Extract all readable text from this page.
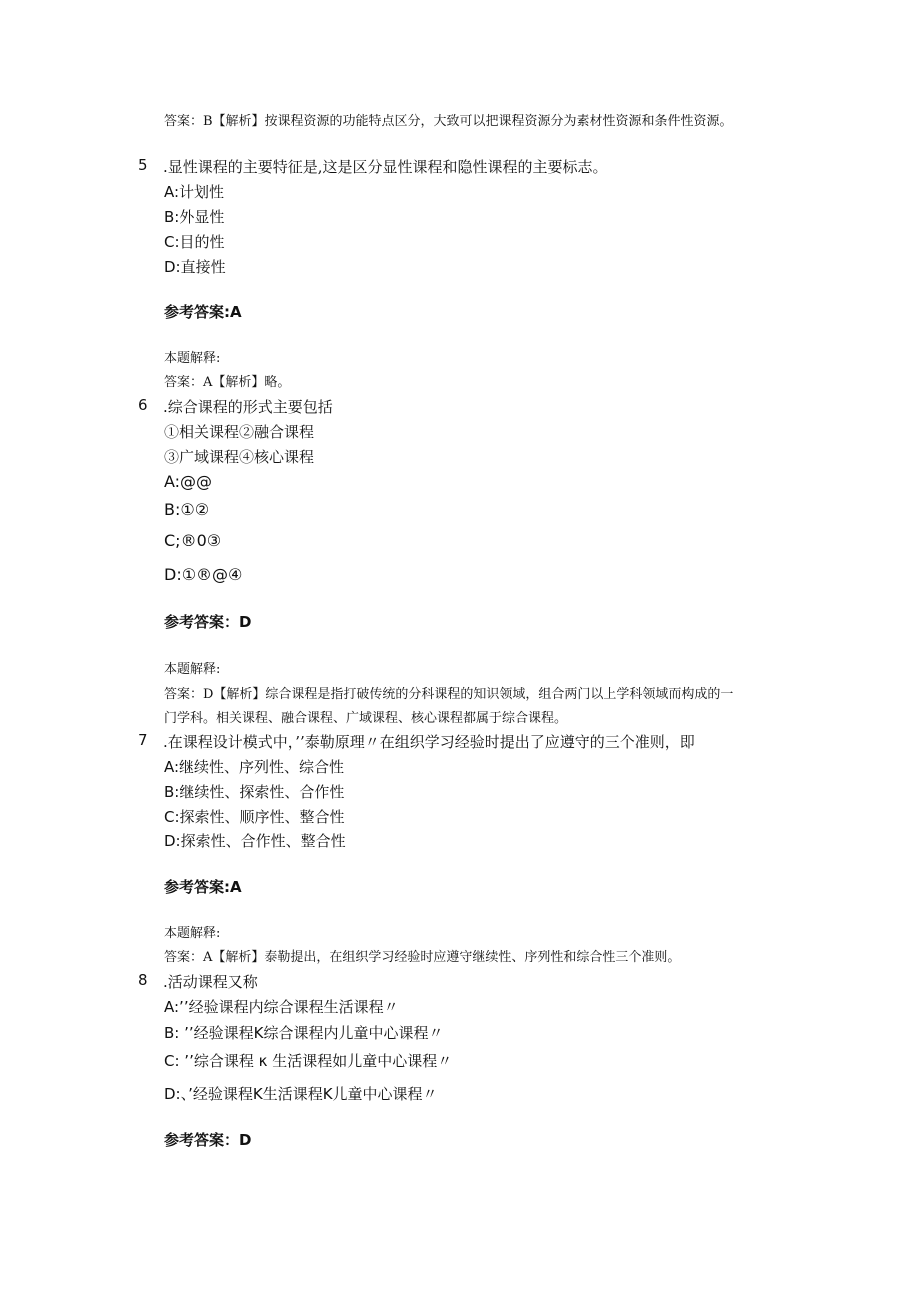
答案：B【解析】按课程资源的功能特点区分，大致可以把课程资源分为素材性资源和条件性资源。
5 .显性课程的主要特征是,这是区分显性课程和隐性课程的主要标志。
A:计划性
B:外显性
C:目的性
D:直接性
参考答案:A
本题解释:
答案：A【解析】略。
6 .综合课程的形式主要包括
①相关课程②融合课程
③广域课程④核心课程
A:@@
B:①②
C;®0③
D:①®@④
参考答案：D
本题解释:
答案：D【解析】综合课程是指打破传统的分科课程的知识领域，组合两门以上学科领域而构成的一
门学科。相关课程、融合课程、广域课程、核心课程都属于综合课程。
7 .在课程设计模式中，’’泰勒原理〃在组织学习经验时提出了应遵守的三个准则，即
A:继续性、序列性、综合性
B:继续性、探索性、合作性
C:探索性、顺序性、整合性
D:探索性、合作性、整合性
参考答案:A
本题解释:
答案：A【解析】泰勒提出，在组织学习经验时应遵守继续性、序列性和综合性三个准则。
8 .活动课程又称
A:’’经验课程内综合课程生活课程〃
B: ’’经验课程K综合课程内儿童中心课程〃
C: ’’综合课程 κ 生活课程如儿童中心课程〃
D:、’经验课程K生活课程K儿童中心课程〃
参考答案：D
